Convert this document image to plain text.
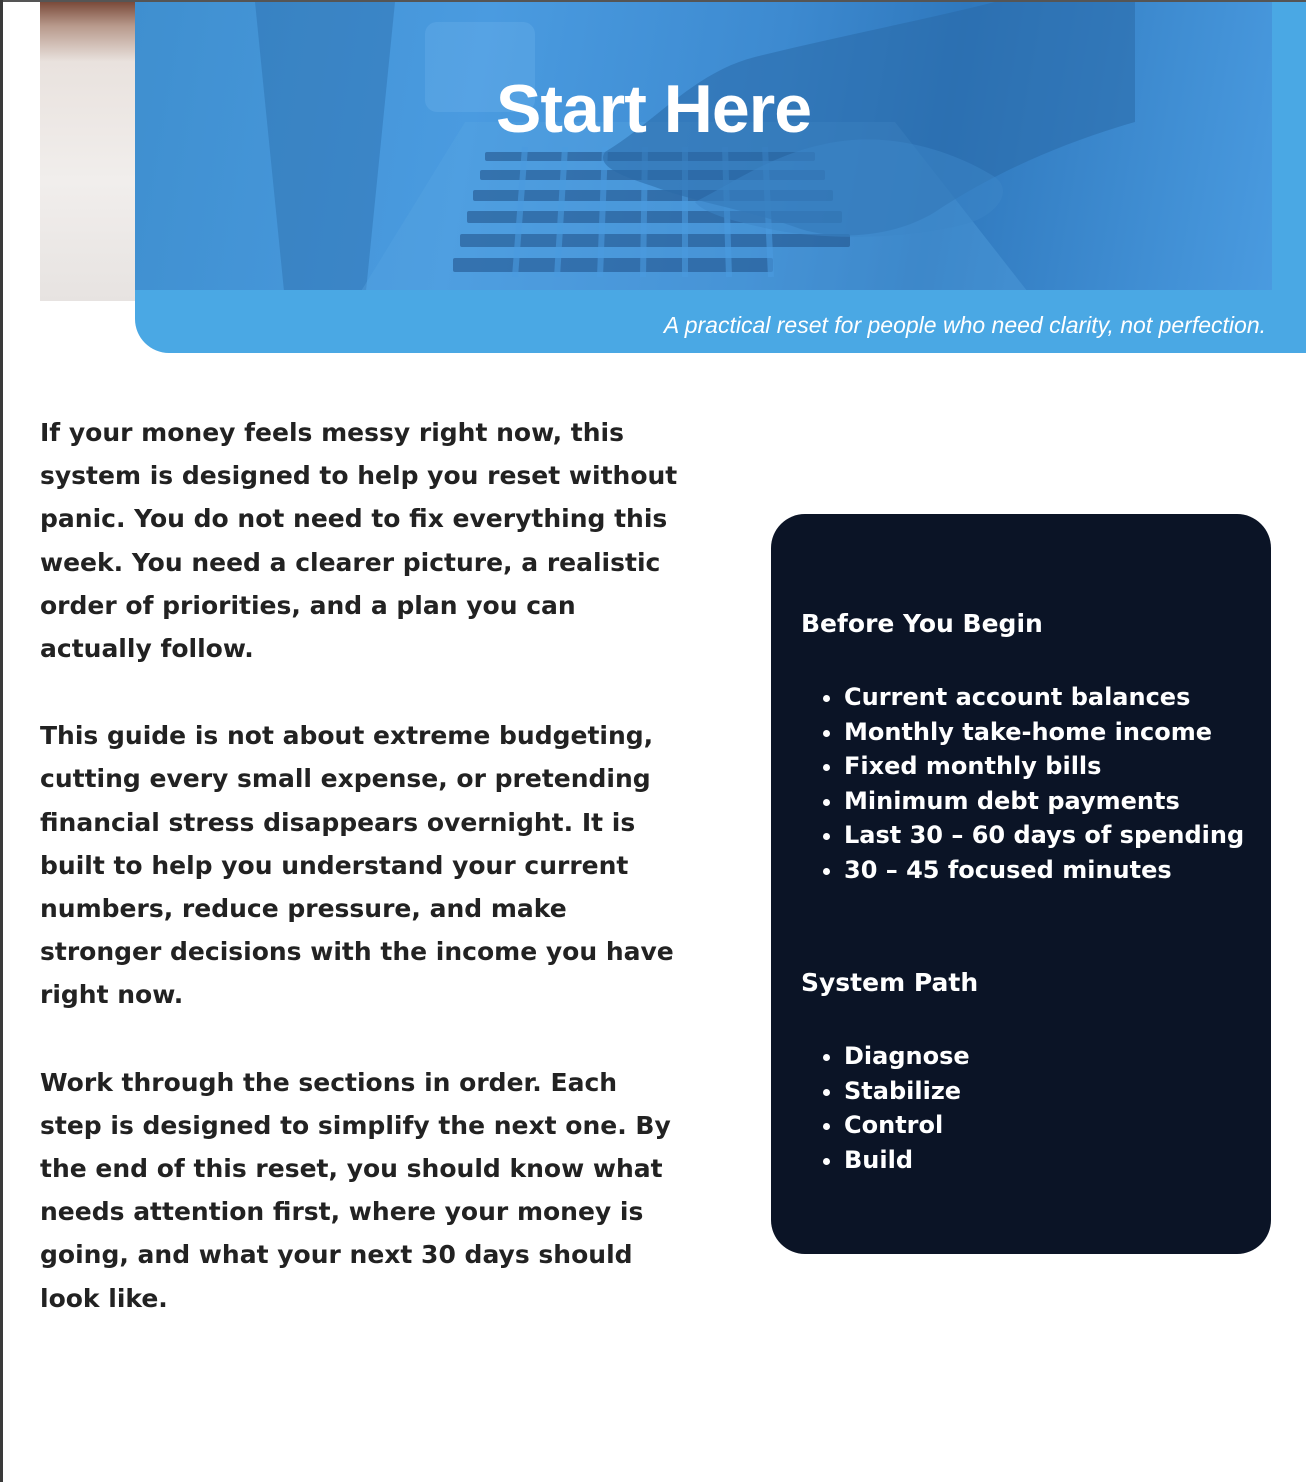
Start Here

A practical reset for people who need clarity, not perfection.

If your money feels messy right now, this system is designed to help you reset without panic. You do not need to fix everything this week. You need a clearer picture, a realistic order of priorities, and a plan you can actually follow.

This guide is not about extreme budgeting, cutting every small expense, or pretending financial stress disappears overnight. It is built to help you understand your current numbers, reduce pressure, and make stronger decisions with the income you have right now.

Work through the sections in order. Each step is designed to simplify the next one. By the end of this reset, you should know what needs attention first, where your money is going, and what your next 30 days should look like.

Before You Begin
• Current account balances
• Monthly take-home income
• Fixed monthly bills
• Minimum debt payments
• Last 30 – 60 days of spending
• 30 – 45 focused minutes
System Path
• Diagnose
• Stabilize
• Control
• Build
